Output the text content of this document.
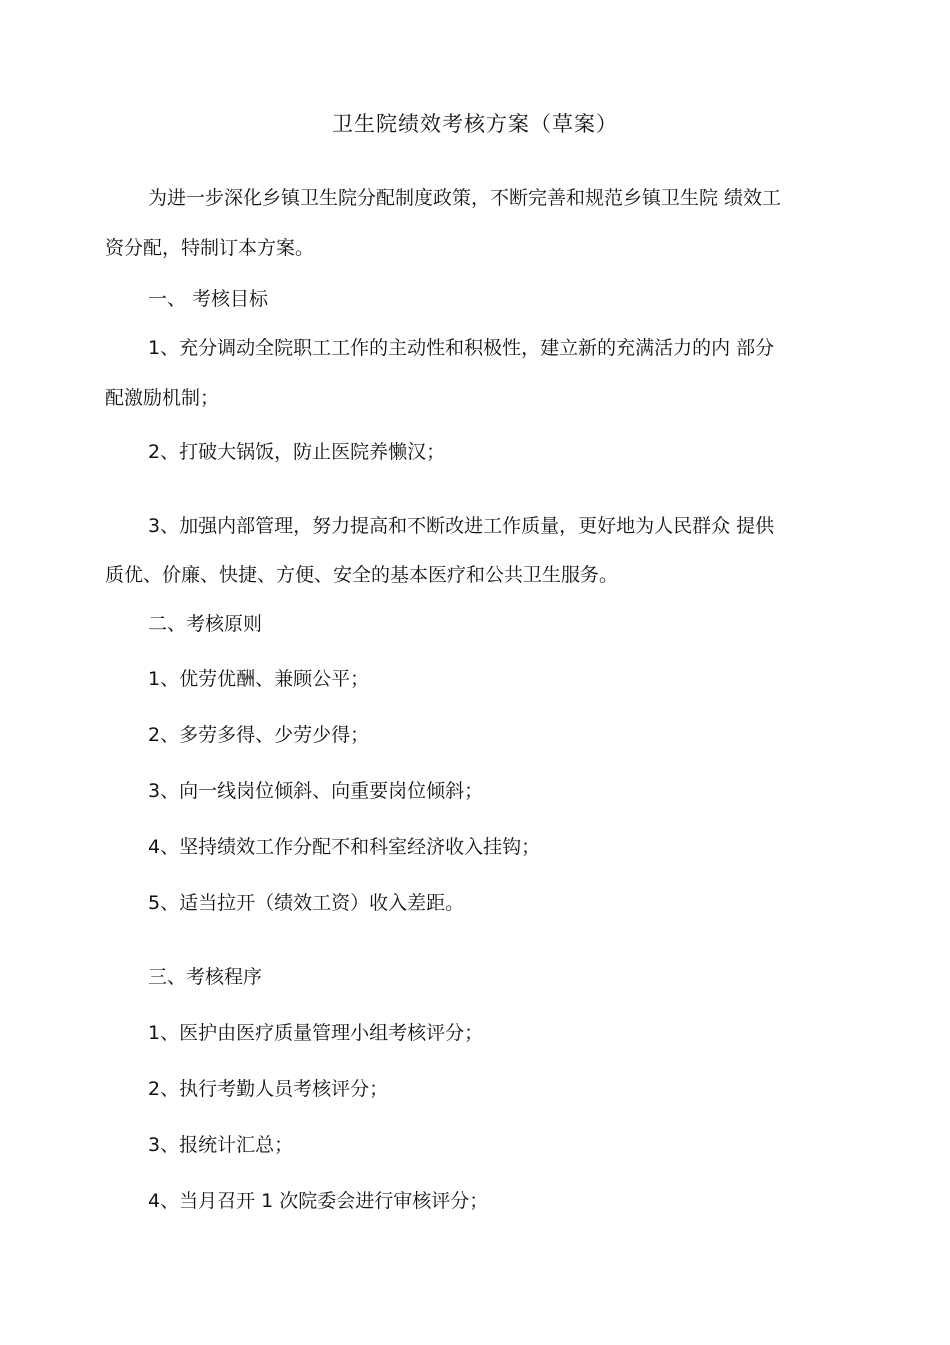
卫生院绩效考核方案（草案）
为进一步深化乡镇卫生院分配制度政策，不断完善和规范乡镇卫生院 绩效工
资分配，特制订本方案。
一、 考核目标
1、充分调动全院职工工作的主动性和积极性，建立新的充满活力的内 部分
配激励机制；
2、打破大锅饭，防止医院养懒汉；
3、加强内部管理，努力提高和不断改进工作质量，更好地为人民群众 提供
质优、价廉、快捷、方便、安全的基本医疗和公共卫生服务。
二、考核原则
1、优劳优酬、兼顾公平；
2、多劳多得、少劳少得；
3、向一线岗位倾斜、向重要岗位倾斜；
4、坚持绩效工作分配不和科室经济收入挂钩；
5、适当拉开（绩效工资）收入差距。
三、考核程序
1、医护由医疗质量管理小组考核评分；
2、执行考勤人员考核评分；
3、报统计汇总；
4、当月召开 1 次院委会进行审核评分；
